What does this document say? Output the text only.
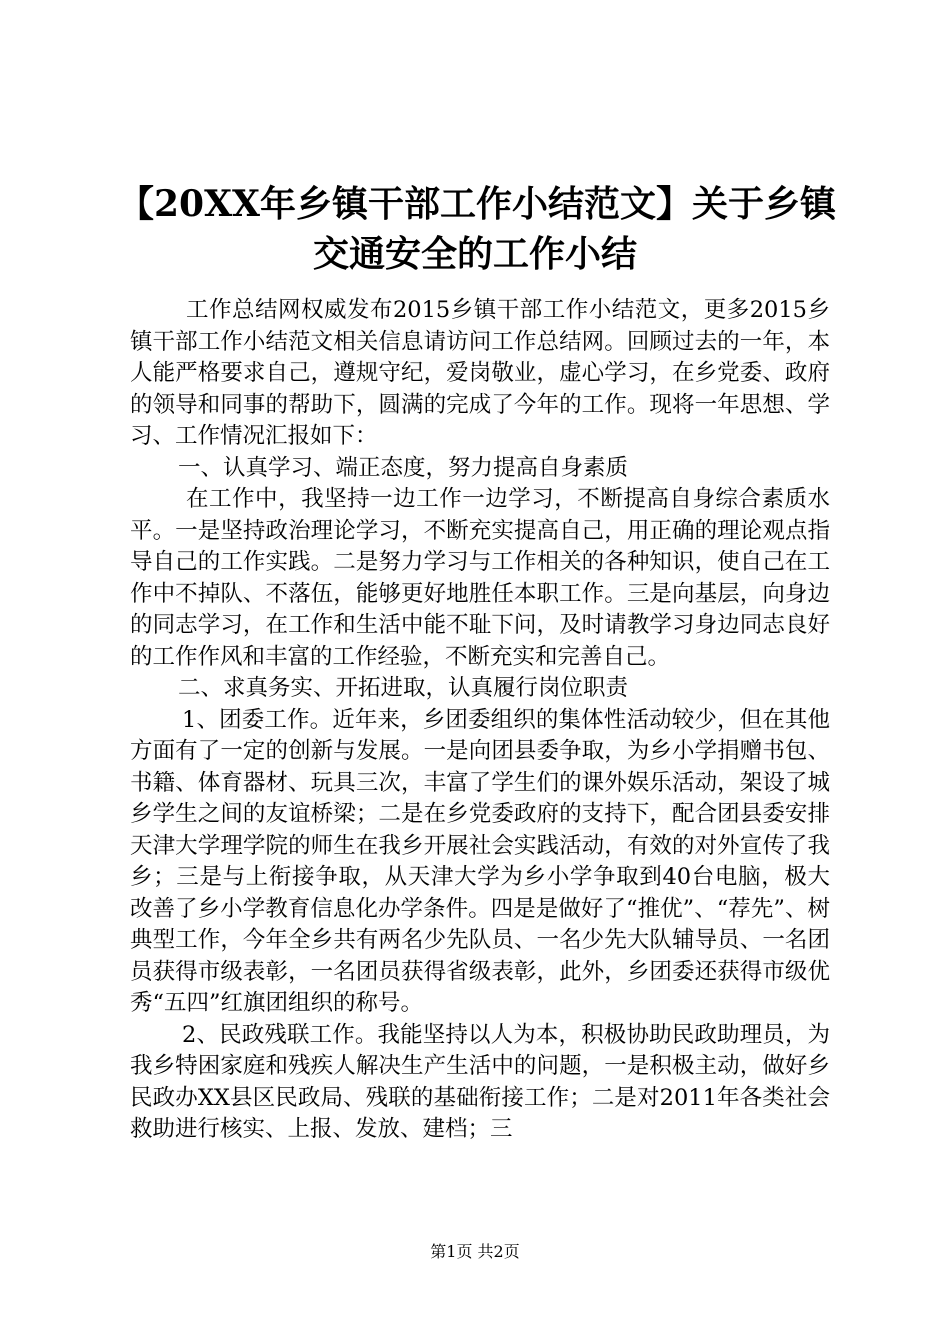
【20XX年乡镇干部工作小结范文】关于乡镇
交通安全的工作小结

工作总结网权威发布2015乡镇干部工作小结范文，更多2015乡镇干部工作小结范文相关信息请访问工作总结网。回顾过去的一年，本人能严格要求自己，遵规守纪，爱岗敬业，虚心学习，在乡党委、政府的领导和同事的帮助下，圆满的完成了今年的工作。现将一年思想、学习、工作情况汇报如下：

一、认真学习、端正态度，努力提高自身素质

在工作中，我坚持一边工作一边学习，不断提高自身综合素质水平。一是坚持政治理论学习，不断充实提高自己，用正确的理论观点指导自己的工作实践。二是努力学习与工作相关的各种知识，使自己在工作中不掉队、不落伍，能够更好地胜任本职工作。三是向基层，向身边的同志学习，在工作和生活中能不耻下问，及时请教学习身边同志良好的工作作风和丰富的工作经验，不断充实和完善自己。

二、求真务实、开拓进取，认真履行岗位职责

1、团委工作。近年来，乡团委组织的集体性活动较少，但在其他方面有了一定的创新与发展。一是向团县委争取，为乡小学捐赠书包、书籍、体育器材、玩具三次，丰富了学生们的课外娱乐活动，架设了城乡学生之间的友谊桥梁；二是在乡党委政府的支持下，配合团县委安排天津大学理学院的师生在我乡开展社会实践活动，有效的对外宣传了我乡；三是与上衔接争取，从天津大学为乡小学争取到40台电脑，极大改善了乡小学教育信息化办学条件。四是是做好了“推优”、“荐先”、树典型工作，今年全乡共有两名少先队员、一名少先大队辅导员、一名团员获得市级表彰，一名团员获得省级表彰，此外，乡团委还获得市级优秀“五四”红旗团组织的称号。

2、民政残联工作。我能坚持以人为本，积极协助民政助理员，为我乡特困家庭和残疾人解决生产生活中的问题，一是积极主动，做好乡民政办XX县区民政局、残联的基础衔接工作；二是对2011年各类社会救助进行核实、上报、发放、建档；三

第1页 共2页
